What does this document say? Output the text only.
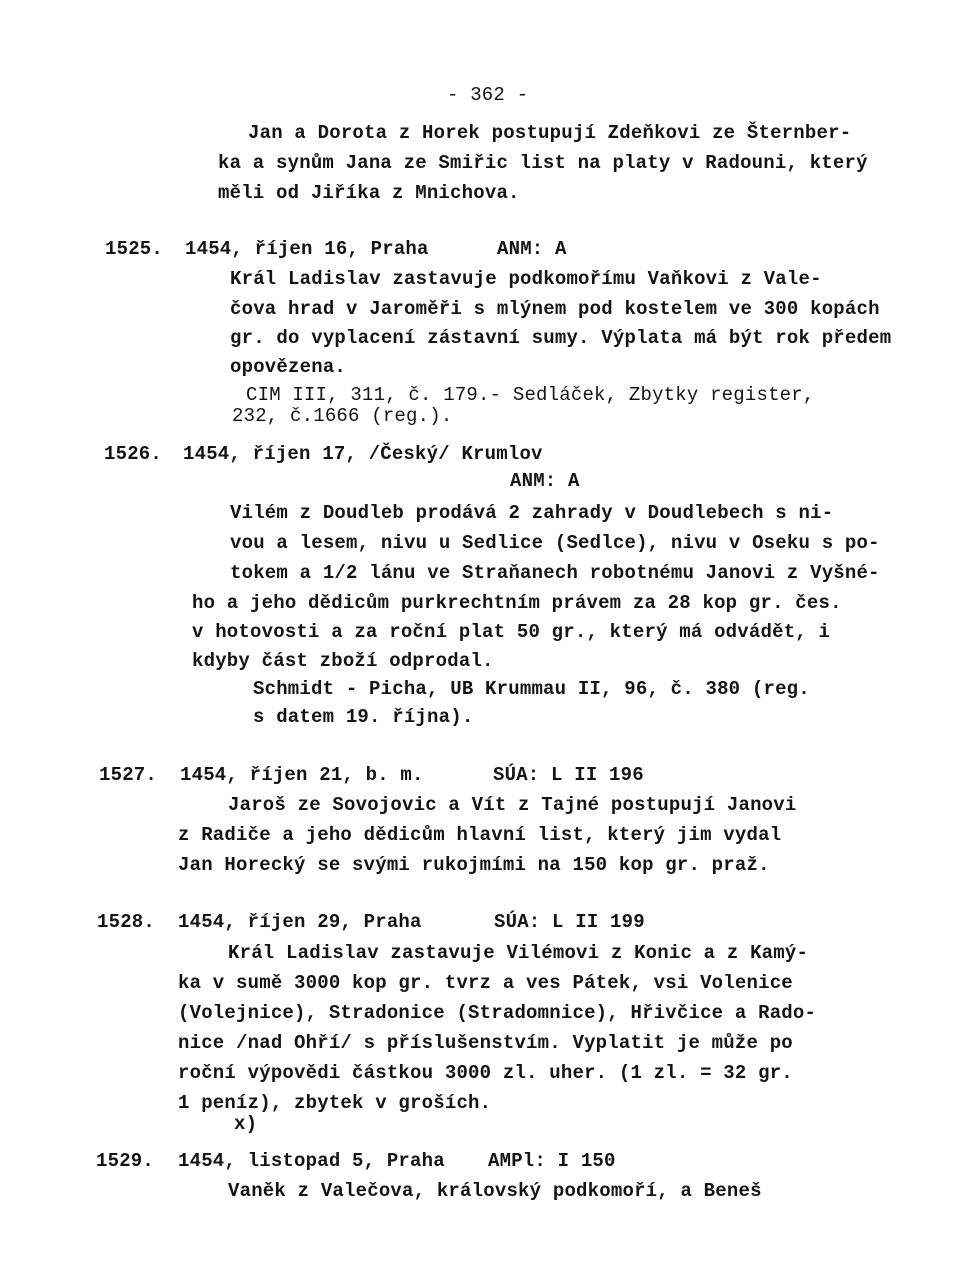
- 362 -
Jan a Dorota z Horek postupují Zdeňkovi ze Šternber-
ka a synům Jana ze Smiřic list na platy v Radouni, který
měli od Jiříka z Mnichova.
1525. 1454, říjen 16, Praha	ANM: A
Král Ladislav zastavuje podkomořímu Vaňkovi z Vale-
čova hrad v Jaroměři s mlýnem pod kostelem ve 300 kopách
gr. do vyplacení zástavní sumy. Výplata má být rok předem
opovězena.
CIM III, 311, č. 179.- Sedláček, Zbytky register,
232, č.1666 (reg.).
1526. 1454, říjen 17, /Český/ Krumlov
ANM: A
Vilém z Doudleb prodává 2 zahrady v Doudlebech s ni-
vou a lesem, nivu u Sedlice (Sedlce), nivu v Oseku s po-
tokem a 1/2 lánu ve Straňanech robotnému Janovi z Vyšné-
ho a jeho dědicům purkrechtním právem za 28 kop gr. čes.
v hotovosti a za roční plat 50 gr., který má odvádět, i
kdyby část zboží odprodal.
Schmidt - Picha, UB Krummau II, 96, č. 380 (reg.
s datem 19. října).
1527. 1454, říjen 21, b. m.	SÚA: L II 196
Jaroš ze Sovojovic a Vít z Tajné postupují Janovi
z Radiče a jeho dědicům hlavní list, který jim vydal
Jan Horecký se svými rukojmími na 150 kop gr. praž.
1528. 1454, říjen 29, Praha	SÚA: L II 199
Král Ladislav zastavuje Vilémovi z Konic a z Kamý-
ka v sumě 3000 kop gr. tvrz a ves Pátek, vsi Volenice
(Volejnice), Stradonice (Stradomnice), Hřivčice a Rado-
nice /nad Ohří/ s příslušenstvím. Vyplatit je může po
roční výpovědi částkou 3000 zl. uher. (1 zl. = 32 gr.
1 peníz), zbytek v groších.
x)
1529. 1454, listopad 5, Praha AMPl: I 150
Vaněk z Valečova, královský podkomoří, a Beneš
